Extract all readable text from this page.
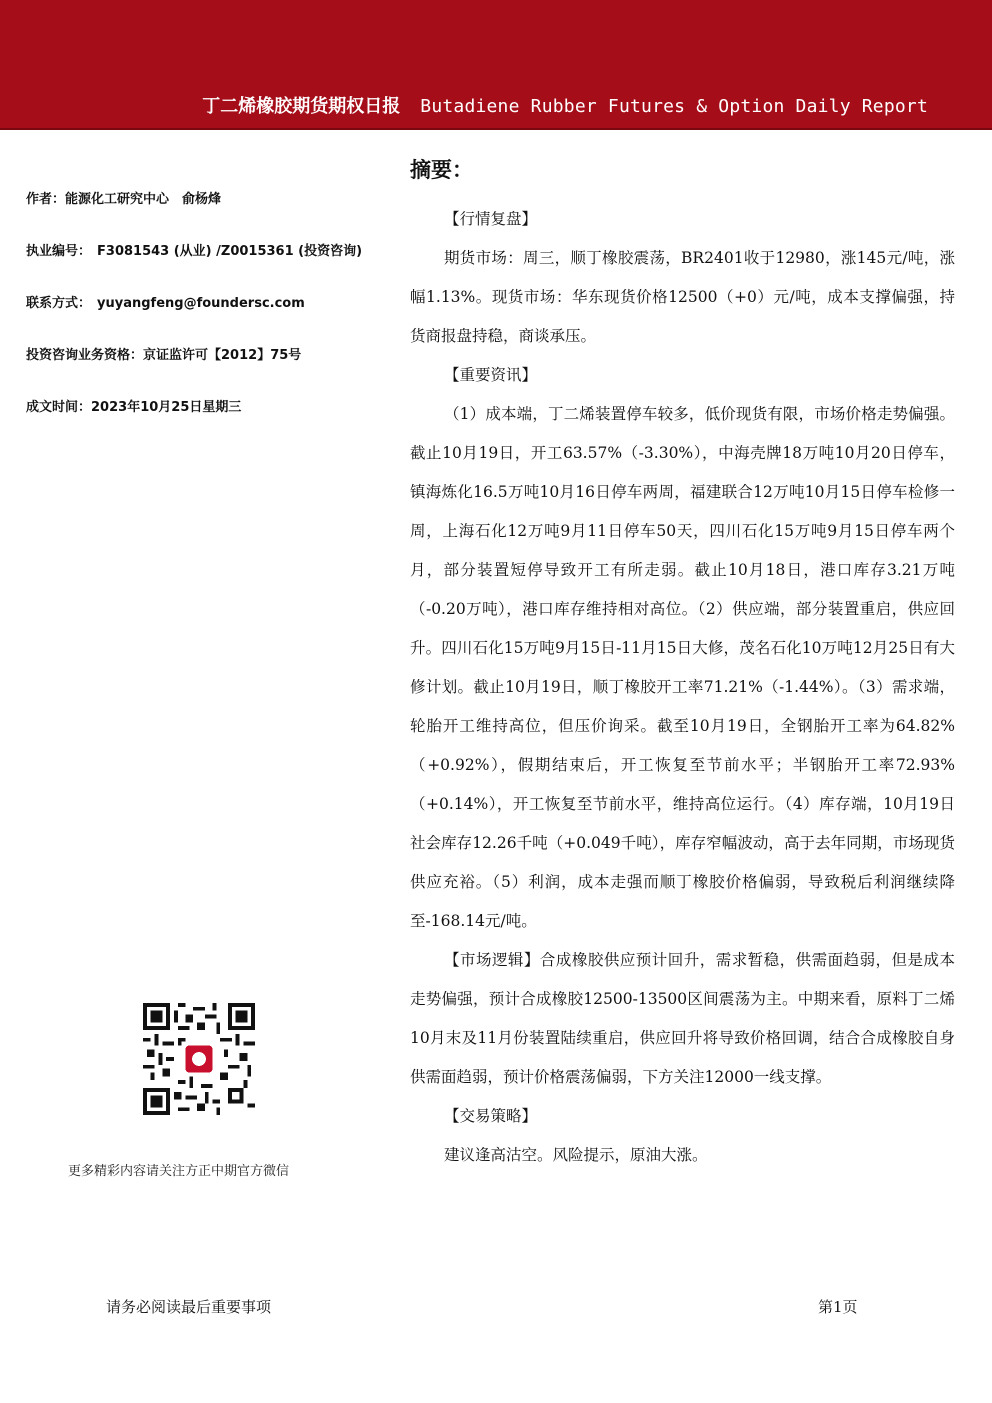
丁二烯橡胶期货期权日报 Butadiene Rubber Futures & Option Daily Report
作者：能源化工研究中心　俞杨烽
执业编号： F3081543 (从业) /Z0015361 (投资咨询)
联系方式： yuyangfeng@foundersc.com
投资咨询业务资格：京证监许可【2012】75号
成文时间：2023年10月25日星期三
更多精彩内容请关注方正中期官方微信
摘要：
【行情复盘】

期货市场：周三，顺丁橡胶震荡，BR2401收于12980，涨145元/吨，涨幅1.13%。现货市场：华东现货价格12500（+0）元/吨，成本支撑偏强，持货商报盘持稳，商谈承压。

【重要资讯】

（1）成本端，丁二烯装置停车较多，低价现货有限，市场价格走势偏强。截止10月19日，开工63.57%（-3.30%），中海壳牌18万吨10月20日停车，镇海炼化16.5万吨10月16日停车两周，福建联合12万吨10月15日停车检修一周，上海石化12万吨9月11日停车50天，四川石化15万吨9月15日停车两个月，部分装置短停导致开工有所走弱。截止10月18日，港口库存3.21万吨（-0.20万吨），港口库存维持相对高位。（2）供应端，部分装置重启，供应回升。四川石化15万吨9月15日-11月15日大修，茂名石化10万吨12月25日有大修计划。截止10月19日，顺丁橡胶开工率71.21%（-1.44%）。（3）需求端，轮胎开工维持高位，但压价询采。截至10月19日，全钢胎开工率为64.82%（+0.92%），假期结束后，开工恢复至节前水平；半钢胎开工率72.93%（+0.14%），开工恢复至节前水平，维持高位运行。（4）库存端，10月19日社会库存12.26千吨（+0.049千吨），库存窄幅波动，高于去年同期，市场现货供应充裕。（5）利润，成本走强而顺丁橡胶价格偏弱，导致税后利润继续降至-168.14元/吨。

【市场逻辑】合成橡胶供应预计回升，需求暂稳，供需面趋弱，但是成本走势偏强，预计合成橡胶12500-13500区间震荡为主。中期来看，原料丁二烯10月末及11月份装置陆续重启，供应回升将导致价格回调，结合合成橡胶自身供需面趋弱，预计价格震荡偏弱，下方关注12000一线支撑。

【交易策略】

建议逢高沽空。风险提示，原油大涨。

请务必阅读最后重要事项	第1页
